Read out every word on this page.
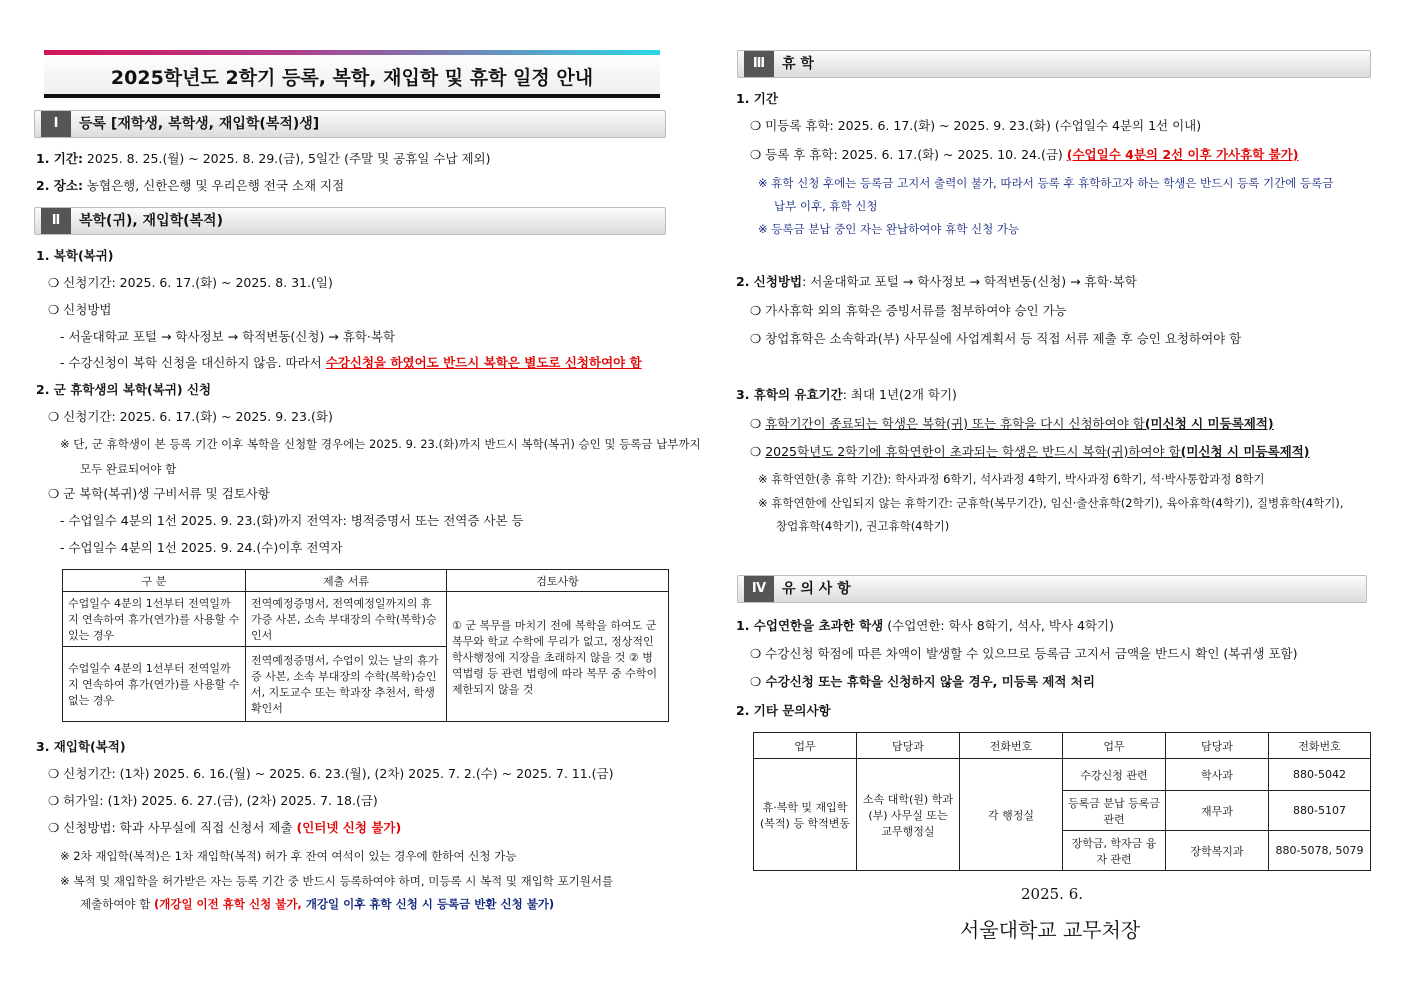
2025학년도 2학기 등록, 복학, 재입학 및 휴학 일정 안내
Ⅰ	등록 [재학생, 복학생, 재입학(복적)생]
1. 기간: 2025. 8. 25.(월) ~ 2025. 8. 29.(금), 5일간 (주말 및 공휴일 수납 제외)
2. 장소: 농협은행, 신한은행 및 우리은행 전국 소재 지점
Ⅱ	복학(귀), 재입학(복적)
1. 복학(복귀)
❍ 신청기간: 2025. 6. 17.(화) ~ 2025. 8. 31.(일)
❍ 신청방법
- 서울대학교 포털 → 학사정보 → 학적변동(신청) → 휴학·복학
- 수강신청이 복학 신청을 대신하지 않음. 따라서 수강신청을 하였어도 반드시 복학은 별도로 신청하여야 함
2. 군 휴학생의 복학(복귀) 신청
❍ 신청기간: 2025. 6. 17.(화) ~ 2025. 9. 23.(화)
※ 단, 군 휴학생이 본 등록 기간 이후 복학을 신청할 경우에는 2025. 9. 23.(화)까지 반드시 복학(복귀) 승인 및 등록금 납부까지
모두 완료되어야 함
❍ 군 복학(복귀)생 구비서류 및 검토사항
- 수업일수 4분의 1선 2025. 9. 23.(화)까지 전역자: 병적증명서 또는 전역증 사본 등
- 수업일수 4분의 1선 2025. 9. 24.(수)이후 전역자
구 분	제출 서류	검토사항
수업일수 4분의 1선부터 전역일까지 연속하여 휴가(연가)를 사용할 수 있는 경우	전역예정증명서, 전역예정일까지의 휴가증 사본, 소속 부대장의 수학(복학)승인서	① 군 복무를 마치기 전에 복학을 하여도 군 복무와 학교 수학에 무리가 없고, 정상적인 학사행정에 지장을 초래하지 않을 것 ② 병역법령 등 관련 법령에 따라 복무 중 수학이 제한되지 않을 것
수업일수 4분의 1선부터 전역일까지 연속하여 휴가(연가)를 사용할 수 없는 경우	전역예정증명서, 수업이 있는 날의 휴가증 사본, 소속 부대장의 수학(복학)승인서, 지도교수 또는 학과장 추천서, 학생 확인서	
3. 재입학(복적)
❍ 신청기간: (1차) 2025. 6. 16.(월) ~ 2025. 6. 23.(월), (2차) 2025. 7. 2.(수) ~ 2025. 7. 11.(금)
❍ 허가일: (1차) 2025. 6. 27.(금), (2차) 2025. 7. 18.(금)
❍ 신청방법: 학과 사무실에 직접 신청서 제출 (인터넷 신청 불가)
※ 2차 재입학(복적)은 1차 재입학(복적) 허가 후 잔여 여석이 있는 경우에 한하여 신청 가능
※ 복적 및 재입학을 허가받은 자는 등록 기간 중 반드시 등록하여야 하며, 미등록 시 복적 및 재입학 포기원서를
제출하여야 함 (개강일 이전 휴학 신청 불가, 개강일 이후 휴학 신청 시 등록금 반환 신청 불가)
Ⅲ	휴 학
1. 기간
❍ 미등록 휴학: 2025. 6. 17.(화) ~ 2025. 9. 23.(화) (수업일수 4분의 1선 이내)
❍ 등록 후 휴학: 2025. 6. 17.(화) ~ 2025. 10. 24.(금) (수업일수 4분의 2선 이후 가사휴학 불가)
※ 휴학 신청 후에는 등록금 고지서 출력이 불가, 따라서 등록 후 휴학하고자 하는 학생은 반드시 등록 기간에 등록금
납부 이후, 휴학 신청
※ 등록금 분납 중인 자는 완납하여야 휴학 신청 가능
2. 신청방법: 서울대학교 포털 → 학사정보 → 학적변동(신청) → 휴학·복학
❍ 가사휴학 외의 휴학은 증빙서류를 첨부하여야 승인 가능
❍ 창업휴학은 소속학과(부) 사무실에 사업계획서 등 직접 서류 제출 후 승인 요청하여야 함
3. 휴학의 유효기간: 최대 1년(2개 학기)
❍ 휴학기간이 종료되는 학생은 복학(귀) 또는 휴학을 다시 신청하여야 함(미신청 시 미등록제적)
❍ 2025학년도 2학기에 휴학연한이 초과되는 학생은 반드시 복학(귀)하여야 함(미신청 시 미등록제적)
※ 휴학연한(총 휴학 기간): 학사과정 6학기, 석사과정 4학기, 박사과정 6학기, 석·박사통합과정 8학기
※ 휴학연한에 산입되지 않는 휴학기간: 군휴학(복무기간), 임신·출산휴학(2학기), 육아휴학(4학기), 질병휴학(4학기),
창업휴학(4학기), 권고휴학(4학기)
Ⅳ	유 의 사 항
1. 수업연한을 초과한 학생 (수업연한: 학사 8학기, 석사, 박사 4학기)
❍ 수강신청 학점에 따른 차액이 발생할 수 있으므로 등록금 고지서 금액을 반드시 확인 (복귀생 포함)
❍ 수강신청 또는 휴학을 신청하지 않을 경우, 미등록 제적 처리
2. 기타 문의사항
업무	담당과	전화번호	업무	담당과	전화번호
휴·복학 및 재입학(복적) 등 학적변동	소속 대학(원) 학과(부) 사무실 또는 교무행정실	각 행정실	수강신청 관련	학사과	880-5042
			등록금 분납 등록금 관련	재무과	880-5107
			장학금, 학자금 융자 관련	장학복지과	880-5078, 5079
2025. 6.
서울대학교 교무처장
